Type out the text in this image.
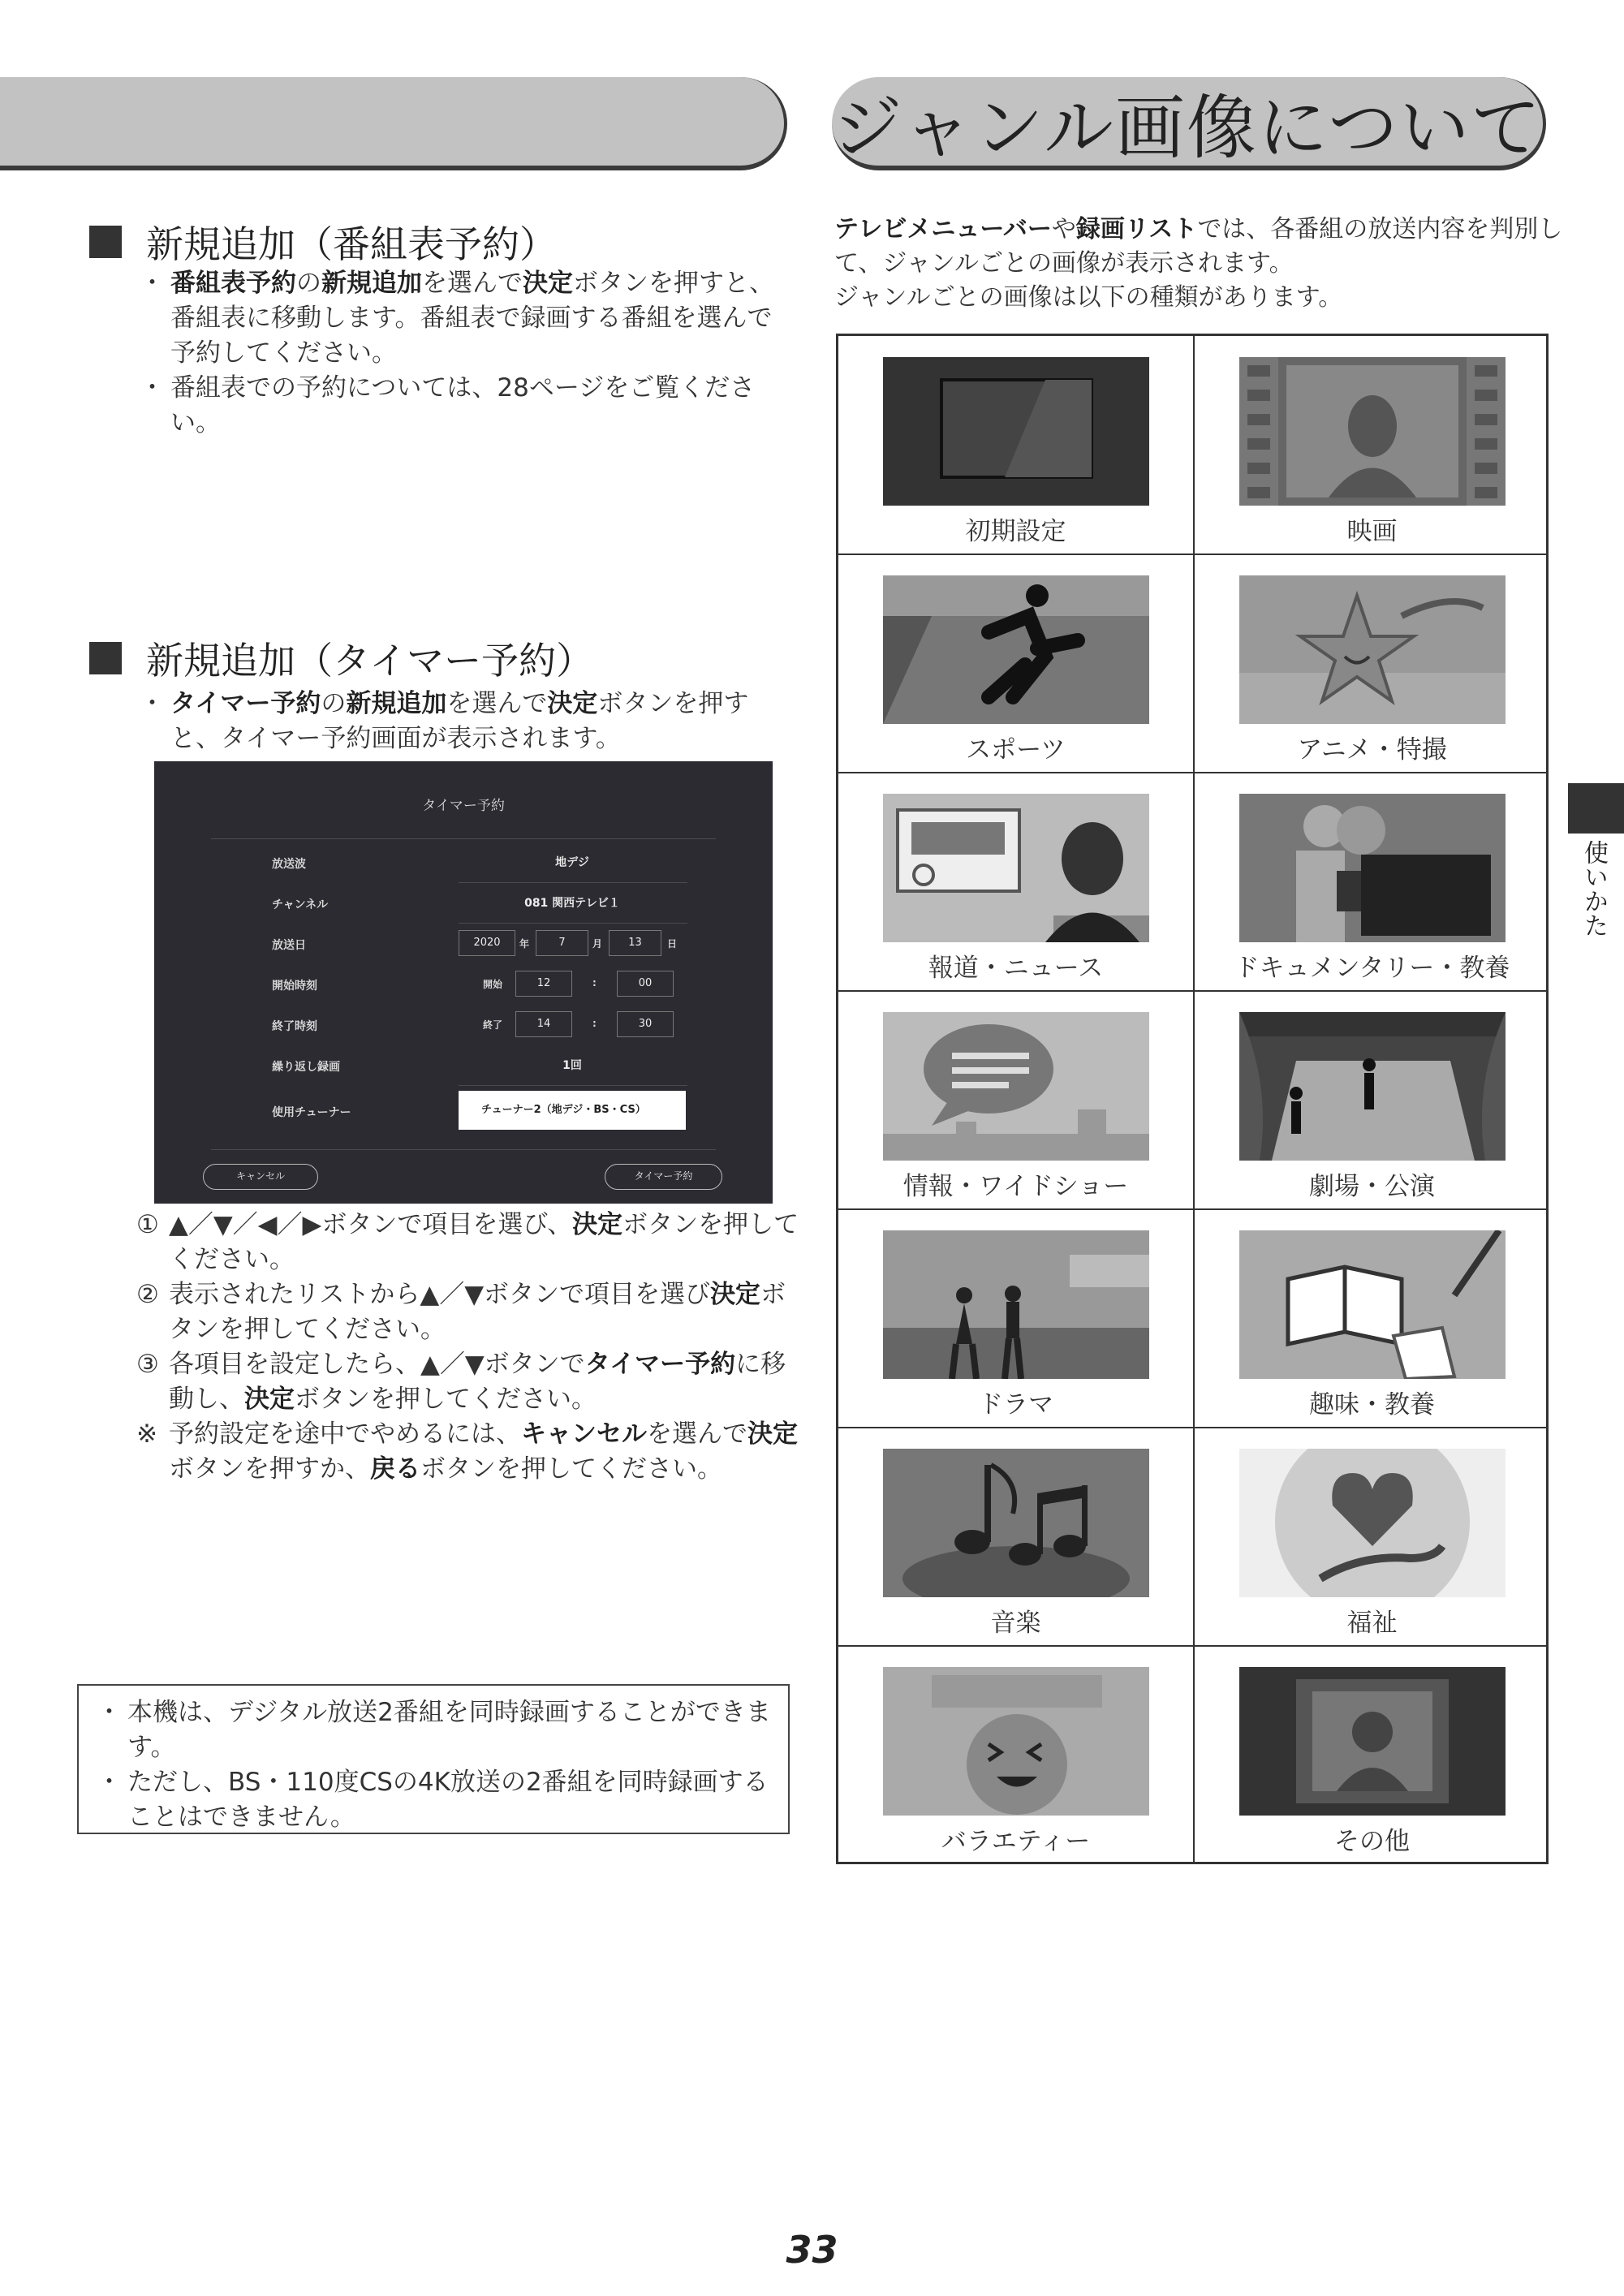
ジャンル画像について
新規追加（番組表予約）
・ 番組表予約の新規追加を選んで決定ボタンを押すと、番組表に移動します。番組表で録画する番組を選んで予約してください。
・ 番組表での予約については、28ページをご覧ください。
新規追加（タイマー予約）
・ タイマー予約の新規追加を選んで決定ボタンを押すと、タイマー予約画面が表示されます。
タイマー予約
放送波	地デジ
チャンネル	081 関西テレビ１
放送日	2020	年	7	月	13	日
開始時刻	開始	12	:	00
終了時刻	終了	14	:	30
繰り返し録画	1回
使用チューナー	チューナー2（地デジ・BS・CS）
キャンセル	タイマー予約
① ▲／▼／◀／▶ボタンで項目を選び、決定ボタンを押してください。
② 表示されたリストから▲／▼ボタンで項目を選び決定ボタンを押してください。
③ 各項目を設定したら、▲／▼ボタンでタイマー予約に移動し、決定ボタンを押してください。
※ 予約設定を途中でやめるには、キャンセルを選んで決定ボタンを押すか、戻るボタンを押してください。
・ 本機は、デジタル放送2番組を同時録画することができます。
・ ただし、BS・110度CSの4K放送の2番組を同時録画することはできません。
テレビメニューバーや録画リストでは、各番組の放送内容を判別して、ジャンルごとの画像が表示されます。
ジャンルごとの画像は以下の種類があります。
初期設定	映画
スポーツ	アニメ・特撮
報道・ニュース	ドキュメンタリー・教養
情報・ワイドショー	劇場・公演
ドラマ	趣味・教養
音楽	福祉
バラエティー	その他
使いかた
33
